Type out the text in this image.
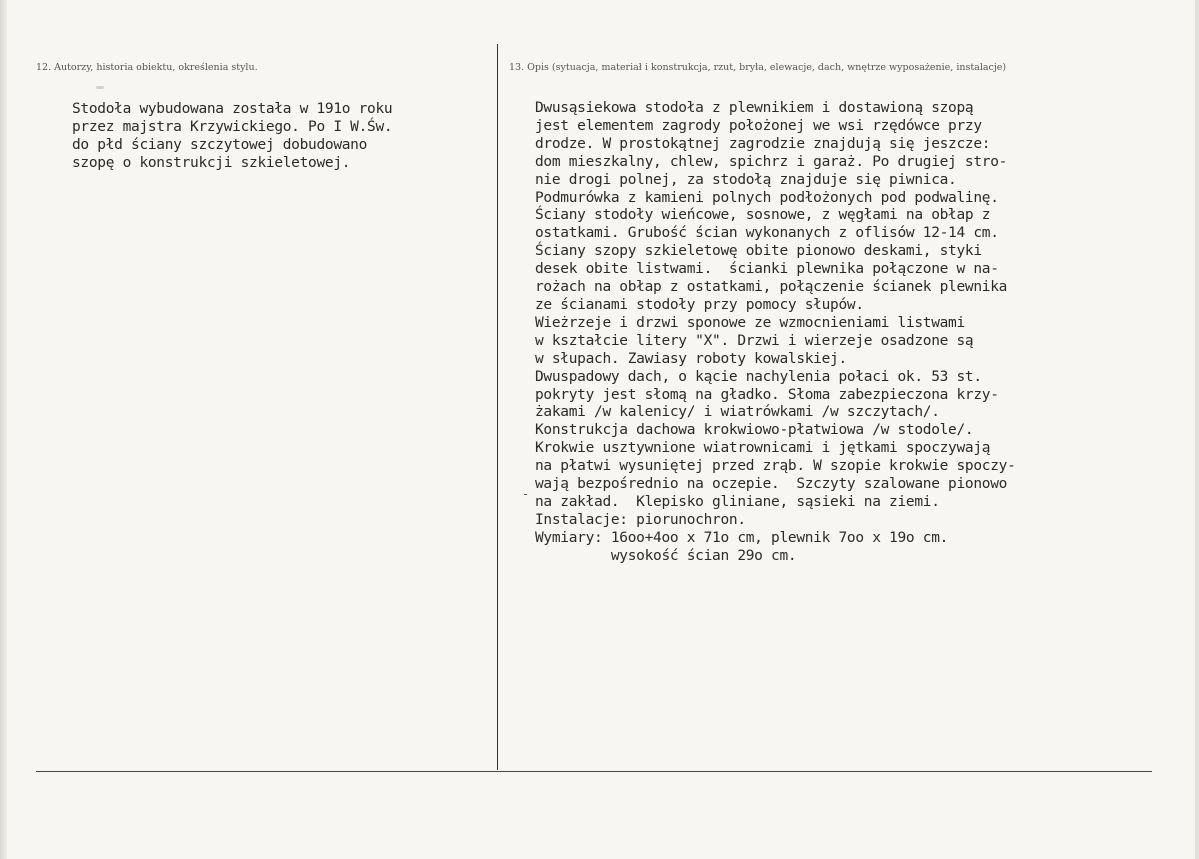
12. Autorzy, historia obiektu, określenia stylu.	13. Opis (sytuacja, materiał i konstrukcja, rzut, bryła, elewacje, dach, wnętrze wyposażenie, instalacje)
Stodoła wybudowana została w 191o roku
przez majstra Krzywickiego. Po I W.Św.
do płd ściany szczytowej dobudowano
szopę o konstrukcji szkieletowej.
Dwusąsiekowa stodoła z plewnikiem i dostawioną szopą
jest elementem zagrody położonej we wsi rzędówce przy
drodze. W prostokątnej zagrodzie znajdują się jeszcze:
dom mieszkalny, chlew, spichrz i garaż. Po drugiej stro-
nie drogi polnej, za stodołą znajduje się piwnica.
Podmurówka z kamieni polnych podłożonych pod podwalinę.
Ściany stodoły wieńcowe, sosnowe, z węgłami na obłap z
ostatkami. Grubość ścian wykonanych z oflisów 12-14 cm.
Ściany szopy szkieletowę obite pionowo deskami, styki
desek obite listwami.  ścianki plewnika połączone w na-
rożach na obłap z ostatkami, połączenie ścianek plewnika
ze ścianami stodoły przy pomocy słupów.
Wieżrzeje i drzwi sponowe ze wzmocnieniami listwami
w kształcie litery "X". Drzwi i wierzeje osadzone są
w słupach. Zawiasy roboty kowalskiej.
Dwuspadowy dach, o kącie nachylenia połaci ok. 53 st.
pokryty jest słomą na gładko. Słoma zabezpieczona krzy-
żakami /w kalenicy/ i wiatrówkami /w szczytach/.
Konstrukcja dachowa krokwiowo-płatwiowa /w stodole/.
Krokwie usztywnione wiatrownicami i jętkami spoczywają
na płatwi wysuniętej przed zrąb. W szopie krokwie spoczy-
wają bezpośrednio na oczepie.  Szczyty szalowane pionowo
na zakład.  Klepisko gliniane, sąsieki na ziemi.
Instalacje: piorunochron.
Wymiary: 16oo+4oo x 71o cm, plewnik 7oo x 19o cm.
wysokość ścian 29o cm.
-
